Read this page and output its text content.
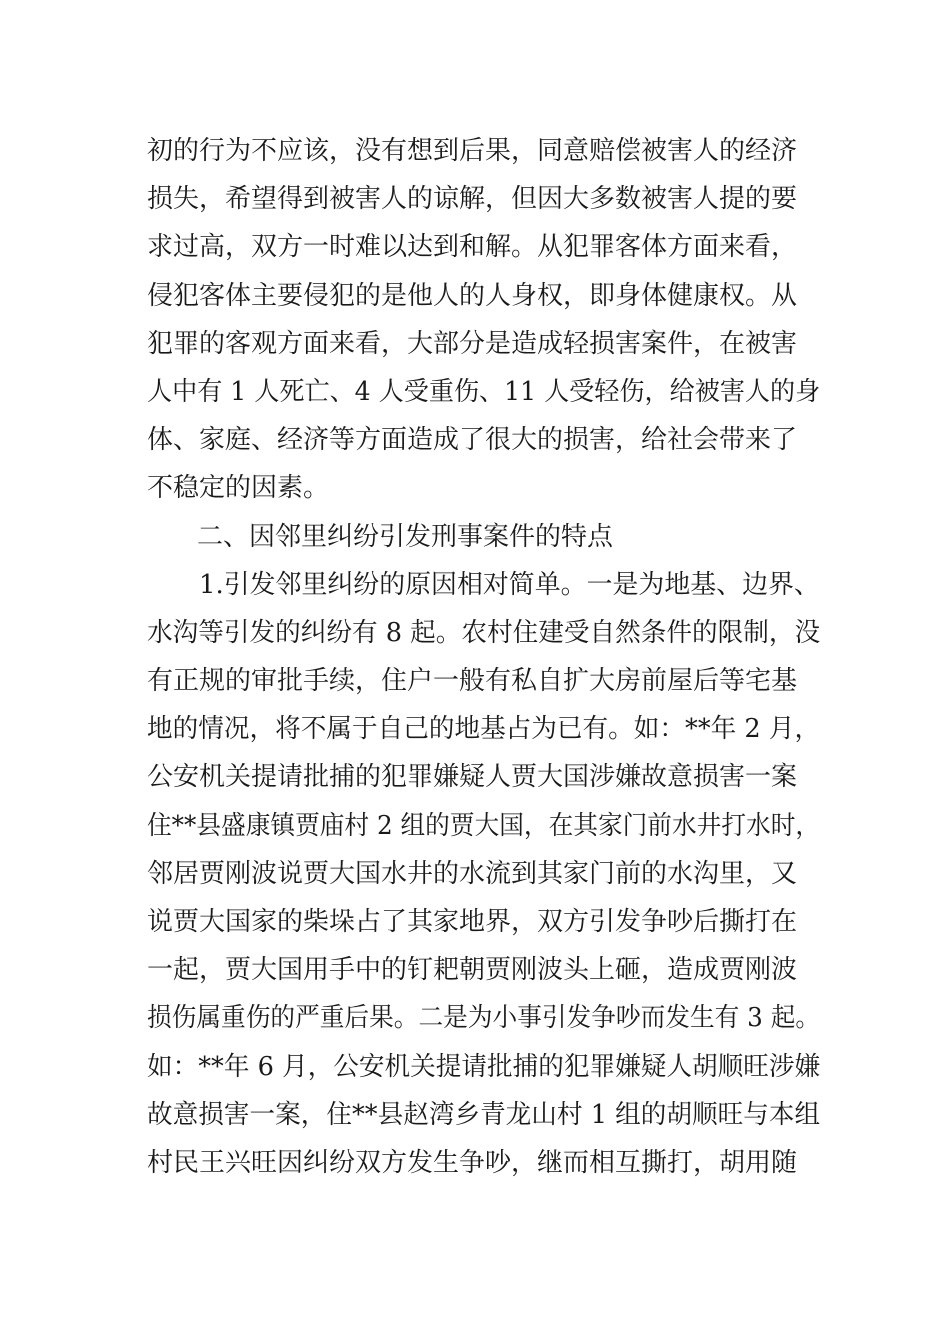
初的行为不应该，没有想到后果，同意赔偿被害人的经济
损失，希望得到被害人的谅解，但因大多数被害人提的要
求过高，双方一时难以达到和解。从犯罪客体方面来看，
侵犯客体主要侵犯的是他人的人身权，即身体健康权。从
犯罪的客观方面来看，大部分是造成轻损害案件，在被害
人中有 1 人死亡、4 人受重伤、11 人受轻伤，给被害人的身
体、家庭、经济等方面造成了很大的损害，给社会带来了
不稳定的因素。
二、因邻里纠纷引发刑事案件的特点
1.引发邻里纠纷的原因相对简单。一是为地基、边界、
水沟等引发的纠纷有 8 起。农村住建受自然条件的限制，没
有正规的审批手续，住户一般有私自扩大房前屋后等宅基
地的情况，将不属于自己的地基占为已有。如：**年 2 月，
公安机关提请批捕的犯罪嫌疑人贾大国涉嫌故意损害一案
住**县盛康镇贾庙村 2 组的贾大国，在其家门前水井打水时，
邻居贾刚波说贾大国水井的水流到其家门前的水沟里，又
说贾大国家的柴垛占了其家地界，双方引发争吵后撕打在
一起，贾大国用手中的钉耙朝贾刚波头上砸，造成贾刚波
损伤属重伤的严重后果。二是为小事引发争吵而发生有 3 起。
如：**年 6 月，公安机关提请批捕的犯罪嫌疑人胡顺旺涉嫌
故意损害一案，住**县赵湾乡青龙山村 1 组的胡顺旺与本组
村民王兴旺因纠纷双方发生争吵，继而相互撕打，胡用随
